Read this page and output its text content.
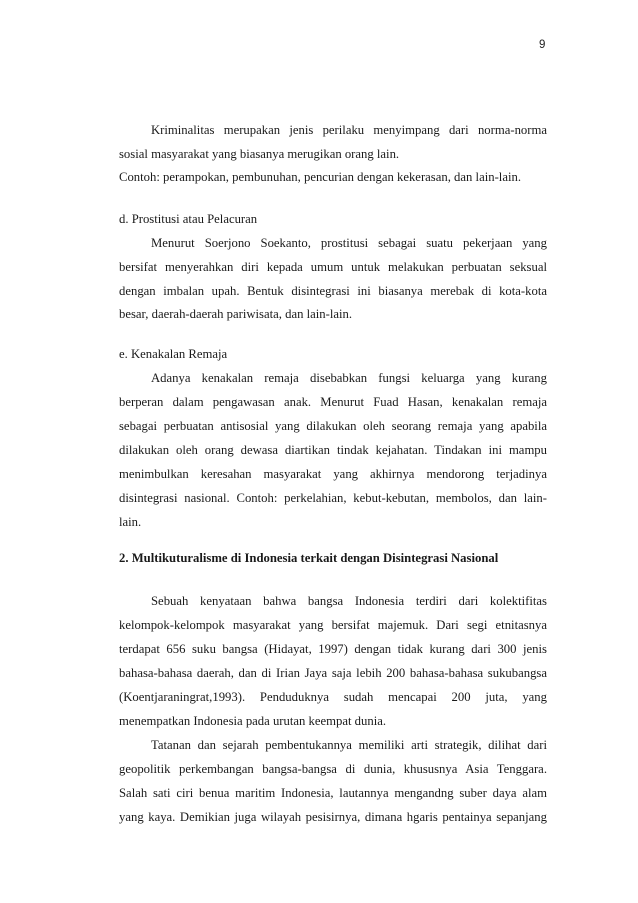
9
Kriminalitas merupakan jenis perilaku menyimpang dari norma-norma
sosial masyarakat yang biasanya merugikan orang lain.
Contoh: perampokan, pembunuhan, pencurian dengan kekerasan, dan lain-lain.
d. Prostitusi atau Pelacuran
Menurut Soerjono Soekanto, prostitusi sebagai suatu pekerjaan yang
bersifat menyerahkan diri kepada umum untuk melakukan perbuatan seksual
dengan imbalan upah. Bentuk disintegrasi ini biasanya merebak di kota-kota
besar, daerah-daerah pariwisata, dan lain-lain.
e. Kenakalan Remaja
Adanya kenakalan remaja disebabkan fungsi keluarga yang kurang
berperan dalam pengawasan anak. Menurut Fuad Hasan, kenakalan remaja
sebagai perbuatan antisosial yang dilakukan oleh seorang remaja yang apabila
dilakukan oleh orang dewasa diartikan tindak kejahatan. Tindakan ini mampu
menimbulkan keresahan masyarakat yang akhirnya mendorong terjadinya
disintegrasi nasional. Contoh: perkelahian, kebut-kebutan, membolos, dan lain-
lain.
2. Multikuturalisme di Indonesia terkait dengan Disintegrasi Nasional
Sebuah kenyataan bahwa bangsa Indonesia terdiri dari kolektifitas
kelompok-kelompok masyarakat yang bersifat majemuk. Dari segi etnitasnya
terdapat 656 suku bangsa (Hidayat, 1997) dengan tidak kurang dari 300 jenis
bahasa-bahasa daerah, dan di Irian Jaya saja lebih 200 bahasa-bahasa sukubangsa
(Koentjaraningrat,1993). Penduduknya sudah mencapai 200 juta, yang
menempatkan Indonesia pada urutan keempat dunia.
Tatanan dan sejarah pembentukannya memiliki arti strategik, dilihat dari
geopolitik perkembangan bangsa-bangsa di dunia, khususnya Asia Tenggara.
Salah sati ciri benua maritim Indonesia, lautannya mengandng suber daya alam
yang kaya. Demikian juga wilayah pesisirnya, dimana hgaris pentainya sepanjang
